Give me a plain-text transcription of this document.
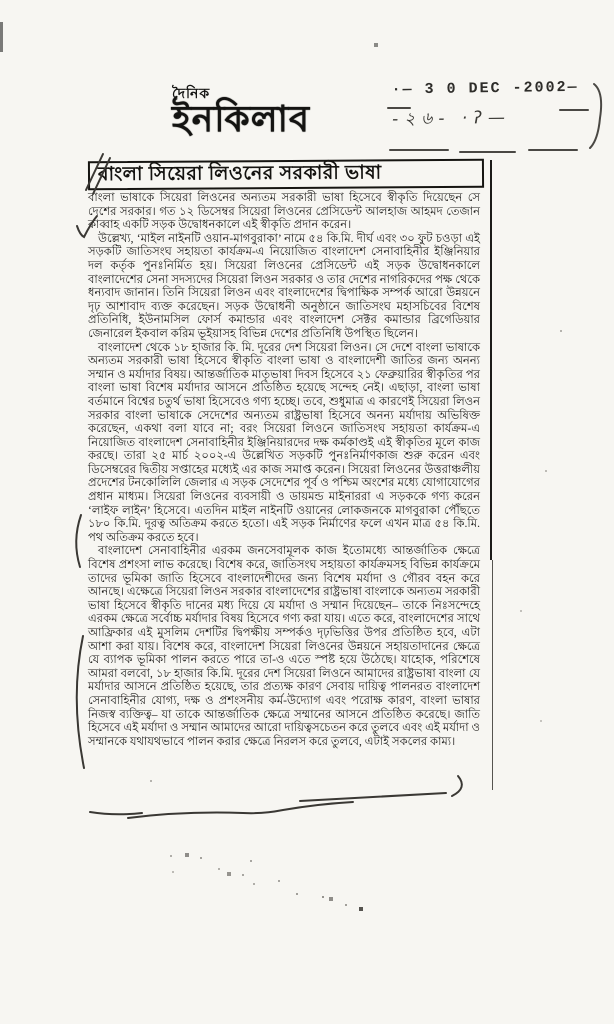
দৈনিক
ইনকিলাব
·— 3 0 DEC -2002—
-২৬- ·ʔ—
বাংলা সিয়েরা লিওনের সরকারী ভাষা

বাংলা ভাষাকে সিয়েরা লিওনের অন্যতম সরকারী ভাষা হিসেবে স্বীকৃতি দিয়েছেন সে দেশের সরকার। গত ১২ ডিসেম্বর সিয়েরা লিওনের প্রেসিডেন্ট আলহাজ আহমদ তেজান কাব্বাহ একটি সড়ক উদ্বোধনকালে এই স্বীকৃতি প্রদান করেন।

উল্লেখ্য, ‘মাইল নাইনটি ওয়ান-মাগবুরাকা’ নামে ৫৪ কি.মি. দীর্ঘ এবং ৩০ ফুট চওড়া এই সড়কটি জাতিসংঘ সহায়তা কার্যক্রম-এ নিয়োজিত বাংলাদেশ সেনাবাহিনীর ইঞ্জিনিয়ার দল কর্তৃক পুনঃনির্মিত হয়। সিয়েরা লিওনের প্রেসিডেন্ট এই সড়ক উদ্বোধনকালে বাংলাদেশের সেনা সদস্যদের সিয়েরা লিওন সরকার ও তার দেশের নাগরিকদের পক্ষ থেকে ধন্যবাদ জানান। তিনি সিয়েরা লিওন এবং বাংলাদেশের দ্বিপাক্ষিক সম্পর্ক আরো উন্নয়নে দৃঢ় আশাবাদ ব্যক্ত করেছেন। সড়ক উদ্বোধনী অনুষ্ঠানে জাতিসংঘ মহাসচিবের বিশেষ প্রতিনিধি, ইউনামসিল ফোর্স কমান্ডার এবং বাংলাদেশ সেক্টর কমান্ডার ব্রিগেডিয়ার জেনারেল ইকবাল করিম ভূইয়াসহ বিভিন্ন দেশের প্রতিনিধি উপস্থিত ছিলেন।

বাংলাদেশ থেকে ১৮ হাজার কি. মি. দূরের দেশ সিয়েরা লিওন। সে দেশে বাংলা ভাষাকে অন্যতম সরকারী ভাষা হিসেবে স্বীকৃতি বাংলা ভাষা ও বাংলাদেশী জাতির জন্য অনন্য সম্মান ও মর্যাদার বিষয়। আন্তর্জাতিক মাতৃভাষা দিবস হিসেবে ২১ ফেব্রুয়ারির স্বীকৃতির পর বাংলা ভাষা বিশেষ মর্যাদার আসনে প্রতিষ্ঠিত হয়েছে সন্দেহ নেই। এছাড়া, বাংলা ভাষা বর্তমানে বিশ্বের চতুর্থ ভাষা হিসেবেও গণ্য হচ্ছে। তবে, শুধুমাত্র এ কারণেই সিয়েরা লিওন সরকার বাংলা ভাষাকে সেদেশের অন্যতম রাষ্ট্রভাষা হিসেবে অনন্য মর্যাদায় অভিষিক্ত করেছেন, একথা বলা যাবে না; বরং সিয়েরা লিওনে জাতিসংঘ সহায়তা কার্যক্রম-এ নিয়োজিত বাংলাদেশ সেনাবাহিনীর ইঞ্জিনিয়ারদের দক্ষ কর্মকাণ্ডই এই স্বীকৃতির মূলে কাজ করছে। তারা ২৫ মার্চ ২০০২-এ উল্লেখিত সড়কটি পুনঃনির্মাণকাজ শুরু করেন এবং ডিসেম্বরের দ্বিতীয় সপ্তাহের মধ্যেই এর কাজ সমাপ্ত করেন। সিয়েরা লিওনের উত্তরাঞ্চলীয় প্রদেশের টনকোলিলি জেলার এ সড়ক সেদেশের পূর্ব ও পশ্চিম অংশের মধ্যে যোগাযোগের প্রধান মাধ্যম। সিয়েরা লিওনের ব্যবসায়ী ও ডায়মন্ড মাইনাররা এ সড়ককে গণ্য করেন ‘লাইফ লাইন’ হিসেবে। এতদিন মাইল নাইনটি ওয়ানের লোকজনকে মাগবুরাকা পৌঁছতে ১৮০ কি.মি. দূরত্ব অতিক্রম করতে হতো। এই সড়ক নির্মাণের ফলে এখন মাত্র ৫৪ কি.মি. পথ অতিক্রম করতে হবে।

বাংলাদেশ সেনাবাহিনীর এরকম জনসেবামূলক কাজ ইতোমধ্যে আন্তর্জাতিক ক্ষেত্রে বিশেষ প্রশংসা লাভ করেছে। বিশেষ করে, জাতিসংঘ সহায়তা কার্যক্রমসহ বিভিন্ন কার্যক্রমে তাদের ভূমিকা জাতি হিসেবে বাংলাদেশীদের জন্য বিশেষ মর্যাদা ও গৌরব বহন করে আনছে। এক্ষেত্রে সিয়েরা লিওন সরকার বাংলাদেশের রাষ্ট্রভাষা বাংলাকে অন্যতম সরকারী ভাষা হিসেবে স্বীকৃতি দানের মধ্য দিয়ে যে মর্যাদা ও সম্মান দিয়েছেন– তাকে নিঃসন্দেহে এরকম ক্ষেত্রে সর্বোচ্চ মর্যাদার বিষয় হিসেবে গণ্য করা যায়। এতে করে, বাংলাদেশের সাথে আফ্রিকার এই মুসলিম দেশটির দ্বিপক্ষীয় সম্পর্কও দৃঢ়ভিত্তির উপর প্রতিষ্ঠিত হবে, এটা আশা করা যায়। বিশেষ করে, বাংলাদেশ সিয়েরা লিওনের উন্নয়নে সহায়তাদানের ক্ষেত্রে যে ব্যাপক ভূমিকা পালন করতে পারে তা-ও এতে স্পষ্ট হয়ে উঠেছে। যাহোক, পরিশেষে আমরা বলবো, ১৮ হাজার কি.মি. দূরের দেশ সিয়েরা লিওনে আমাদের রাষ্ট্রভাষা বাংলা যে মর্যাদার আসনে প্রতিষ্ঠিত হয়েছে, তার প্রত্যক্ষ কারণ সেবায় দায়িত্ব পালনরত বাংলাদেশ সেনাবাহিনীর যোগ্য, দক্ষ ও প্রশংসনীয় কর্ম-উদ্যোগ এবং পরোক্ষ কারণ, বাংলা ভাষার নিজস্ব ব্যক্তিত্ব– যা তাকে আন্তর্জাতিক ক্ষেত্রে সম্মানের আসনে প্রতিষ্ঠিত করেছে। জাতি হিসেবে এই মর্যাদা ও সম্মান আমাদের আরো দায়িত্বসচেতন করে তুলবে এবং এই মর্যাদা ও সম্মানকে যথাযথভাবে পালন করার ক্ষেত্রে নিরলস করে তুলবে, এটাই সকলের কাম্য।
